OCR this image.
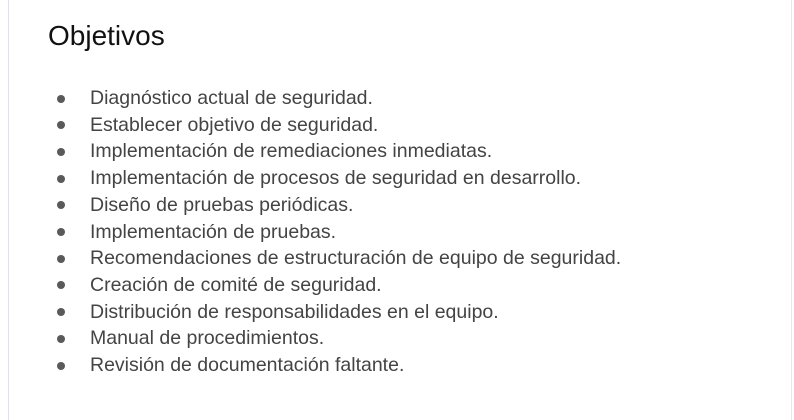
Objetivos
Diagnóstico actual de seguridad.
Establecer objetivo de seguridad.
Implementación de remediaciones inmediatas.
Implementación de procesos de seguridad en desarrollo.
Diseño de pruebas periódicas.
Implementación de pruebas.
Recomendaciones de estructuración de equipo de seguridad.
Creación de comité de seguridad.
Distribución de responsabilidades en el equipo.
Manual de procedimientos.
Revisión de documentación faltante.
